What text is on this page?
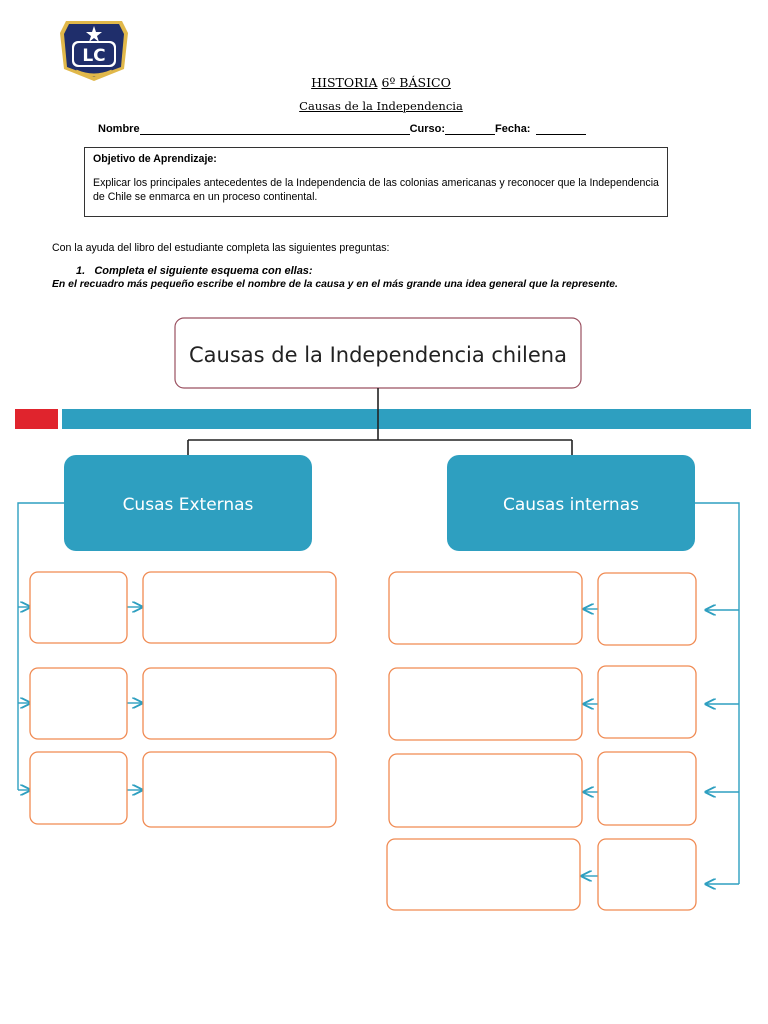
LC
HISTORIA 6º BÁSICO
Causas de la Independencia
Nombre	Curso:	Fecha:
Objetivo de Aprendizaje:
Explicar los principales antecedentes de la Independencia de las colonias americanas y reconocer que la Independencia de Chile se enmarca en un proceso continental.
Con la ayuda del libro del estudiante completa las siguientes preguntas:
1. Completa el siguiente esquema con ellas:
En el recuadro más pequeño escribe el nombre de la causa y en el más grande una idea general que la represente.
Causas de la Independencia chilena
Cusas Externas	Causas internas
